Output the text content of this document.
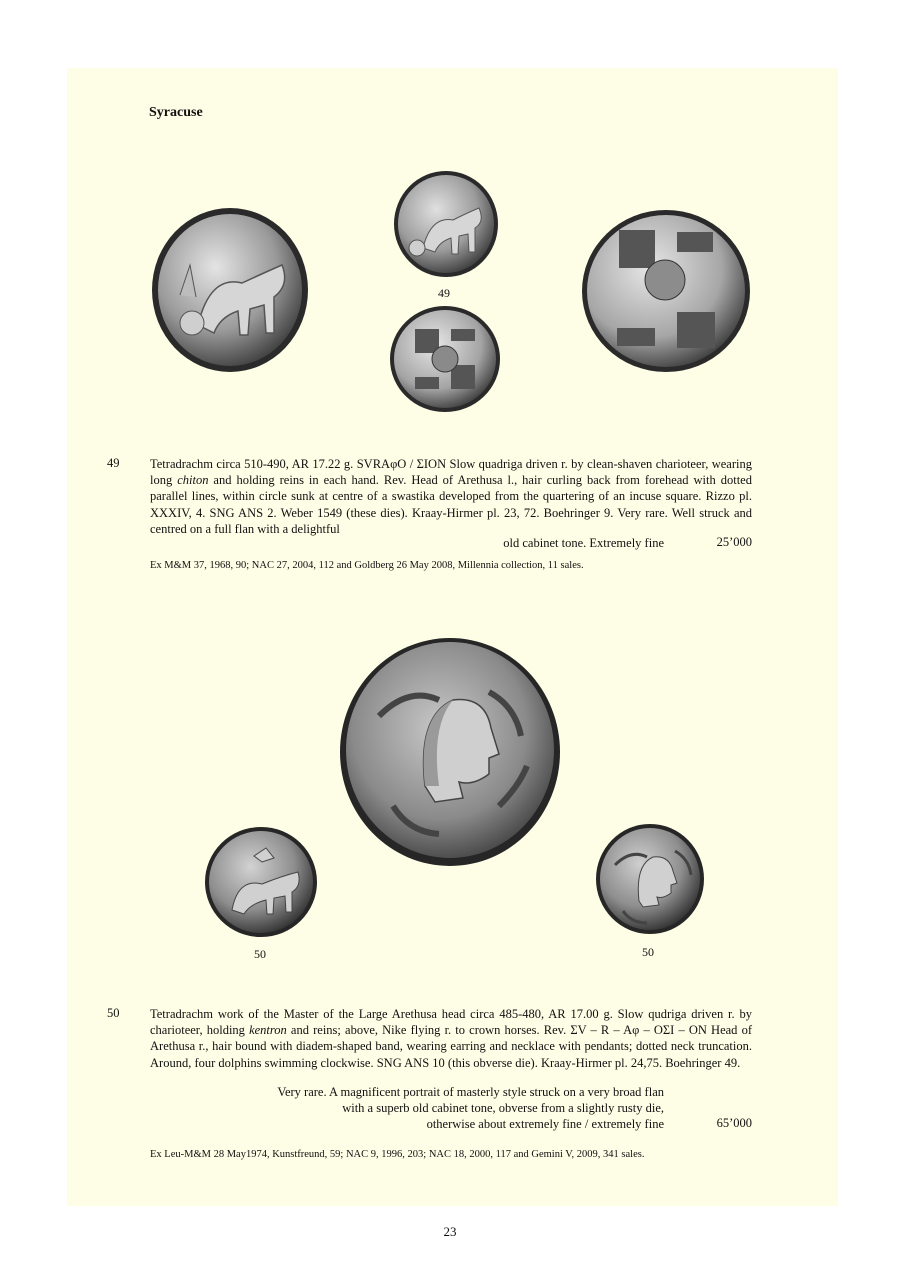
Syracuse
49
49 Tetradrachm circa 510-490, AR 17.22 g. SVRAφO / ΣION Slow quadriga driven r. by clean-shaven charioteer, wearing long chiton and holding reins in each hand. Rev. Head of Arethusa l., hair curling back from forehead with dotted parallel lines, within circle sunk at centre of a swastika developed from the quartering of an incuse square. Rizzo pl. XXXIV, 4. SNG ANS 2. Weber 1549 (these dies). Kraay-Hirmer pl. 23, 72. Boehringer 9. Very rare. Well struck and centred on a full flan with a delightful

old cabinet tone. Extremely fine	25’000
Ex M&M 37, 1968, 90; NAC 27, 2004, 112 and Goldberg 26 May 2008, Millennia collection, 11 sales.
50	50
50 Tetradrachm work of the Master of the Large Arethusa head circa 485-480, AR 17.00 g. Slow qudriga driven r. by charioteer, holding kentron and reins; above, Nike flying r. to crown horses. Rev. ΣV – R – Aφ – OΣI – ON Head of Arethusa r., hair bound with diadem-shaped band, wearing earring and necklace with pendants; dotted neck truncation. Around, four dolphins swimming clockwise. SNG ANS 10 (this obverse die). Kraay-Hirmer pl. 24,75. Boehringer 49.

Very rare. A magnificent portrait of masterly style struck on a very broad flan
with a superb old cabinet tone, obverse from a slightly rusty die,
otherwise about extremely fine / extremely fine	65’000
Ex Leu-M&M 28 May1974, Kunstfreund, 59; NAC 9, 1996, 203; NAC 18, 2000, 117 and Gemini V, 2009, 341 sales.
23
